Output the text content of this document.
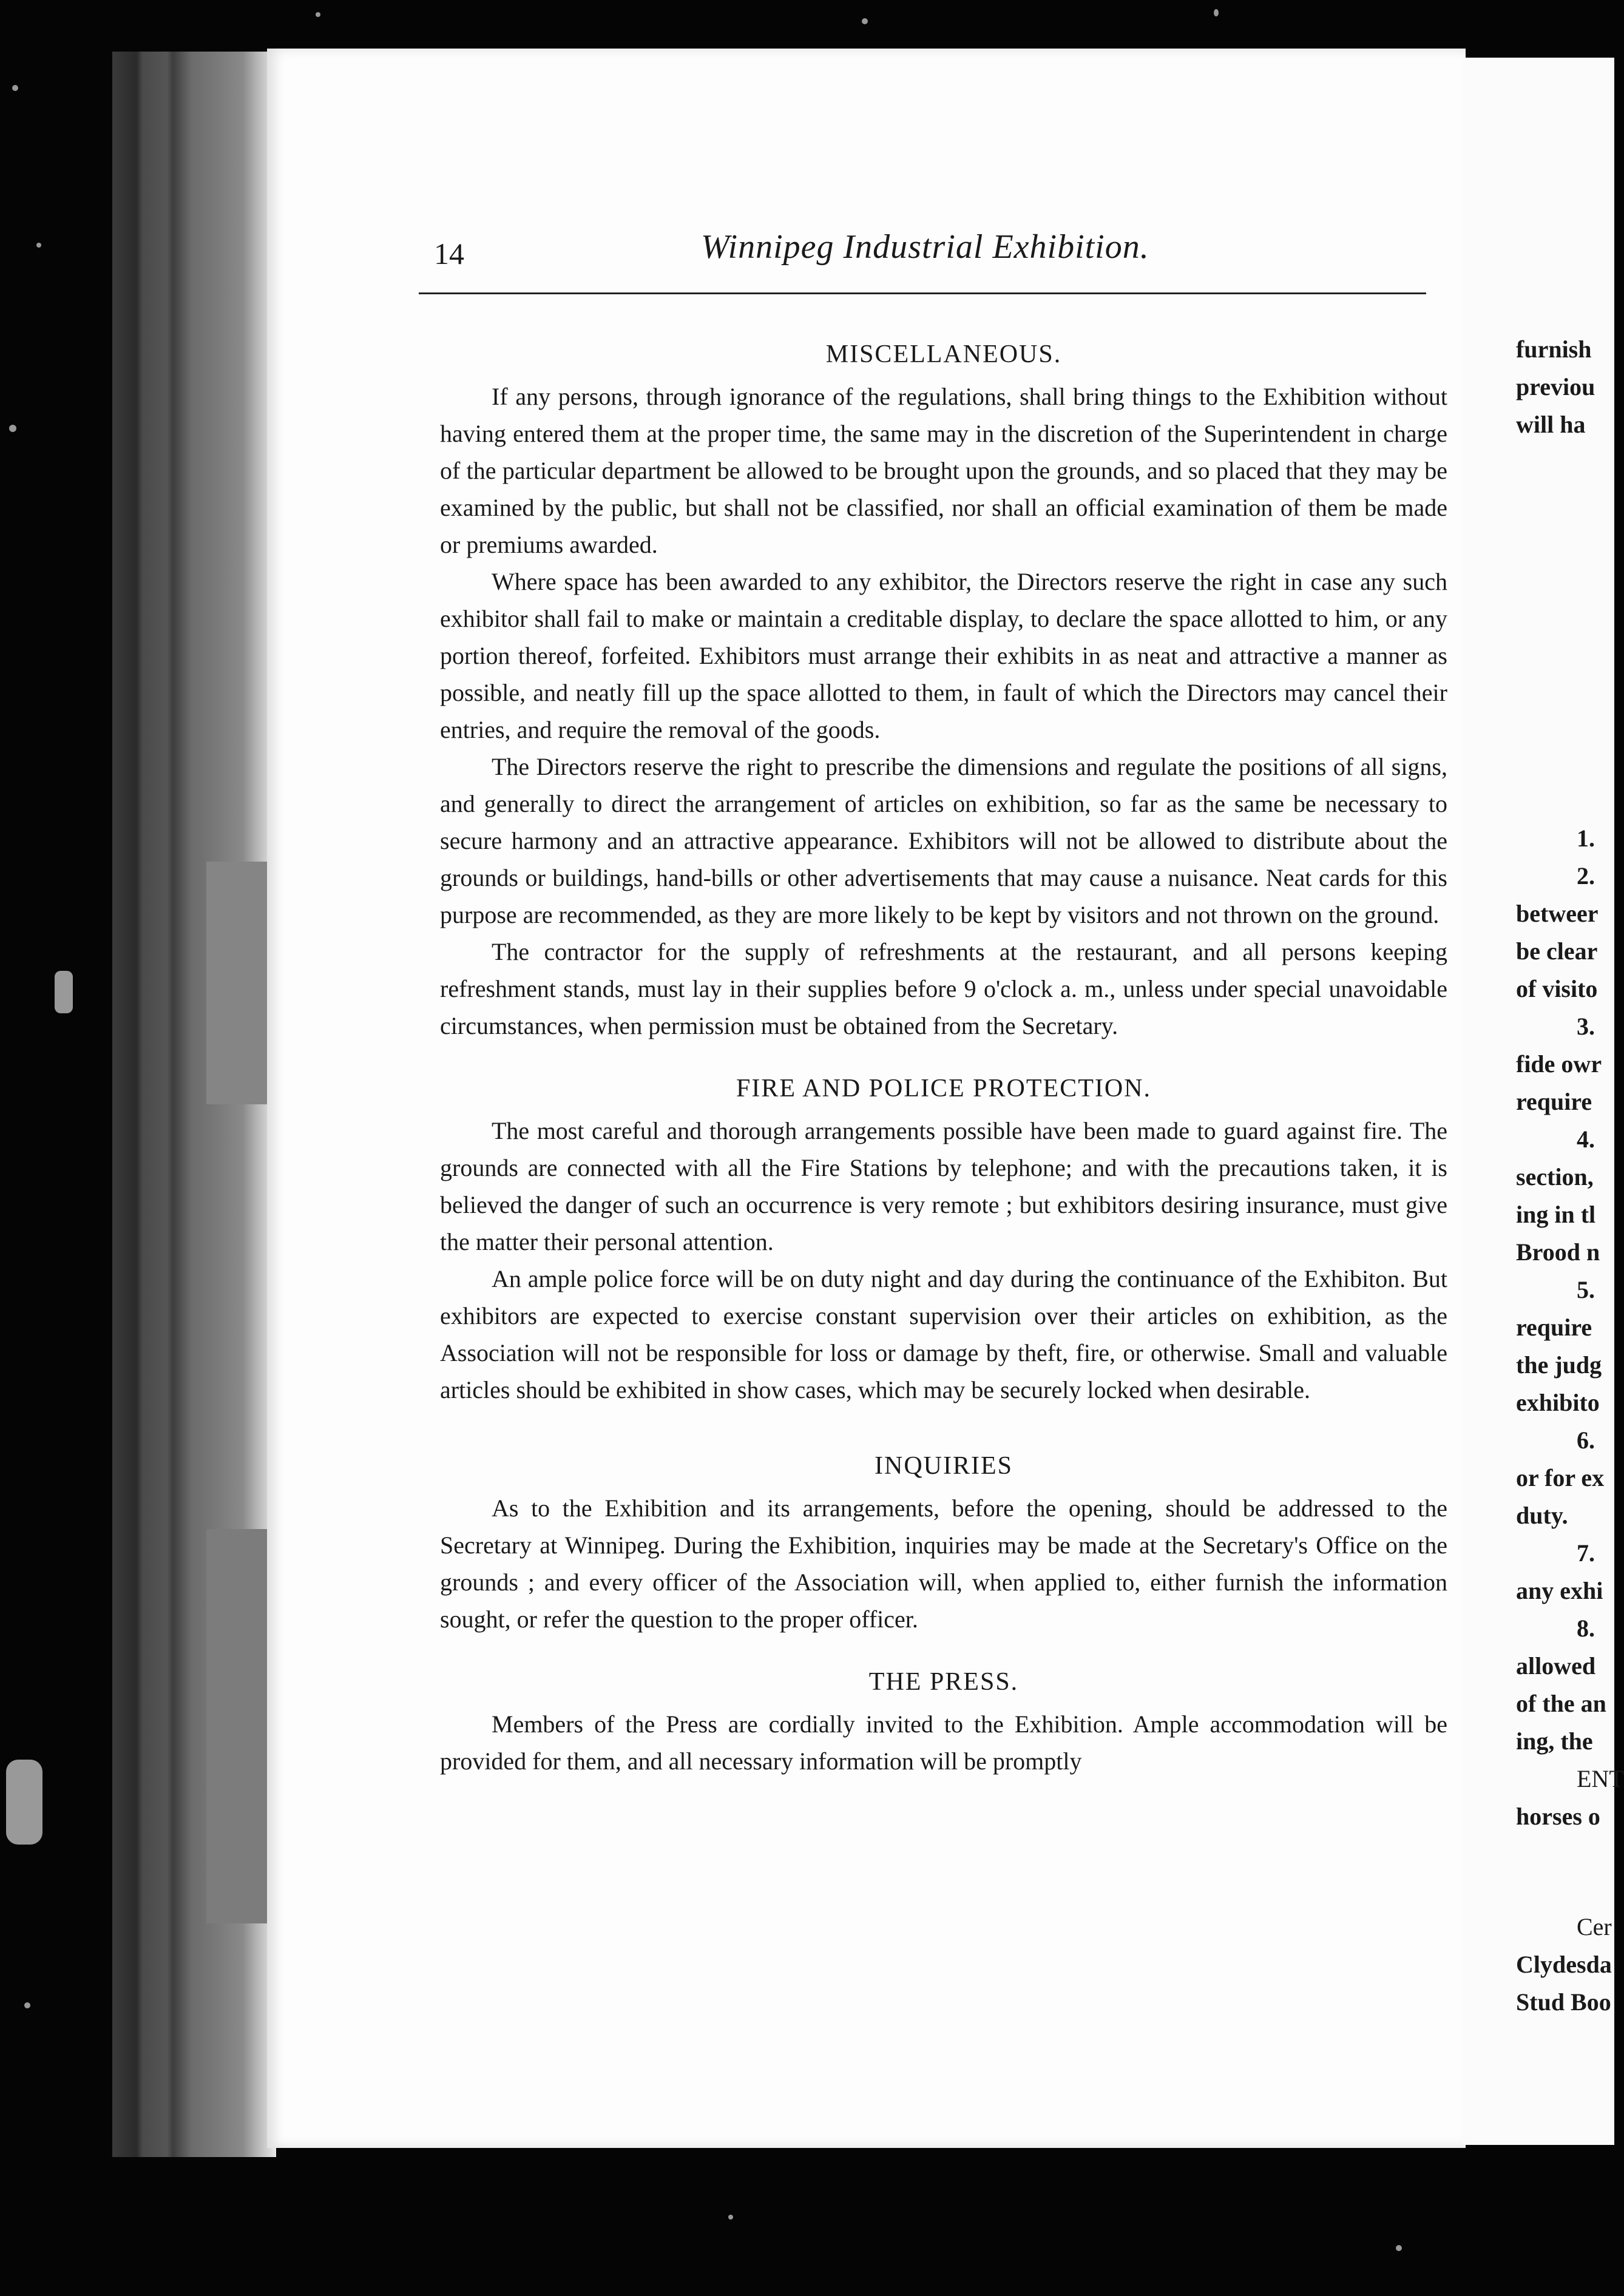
14	Winnipeg Industrial Exhibition.
MISCELLANEOUS.

If any persons, through ignorance of the regulations, shall bring things to the Exhibition without having entered them at the proper time, the same may in the discretion of the Superintendent in charge of the particular department be allowed to be brought upon the grounds, and so placed that they may be examined by the public, but shall not be classified, nor shall an official examination of them be made or premiums awarded.

Where space has been awarded to any exhibitor, the Directors reserve the right in case any such exhibitor shall fail to make or maintain a creditable display, to declare the space allotted to him, or any portion thereof, forfeited. Exhibitors must arrange their exhibits in as neat and attractive a manner as possible, and neatly fill up the space allotted to them, in fault of which the Directors may cancel their entries, and require the removal of the goods.

The Directors reserve the right to prescribe the dimensions and regulate the positions of all signs, and generally to direct the arrangement of articles on exhibition, so far as the same be necessary to secure harmony and an attractive appearance. Exhibitors will not be allowed to distribute about the grounds or buildings, hand-bills or other advertisements that may cause a nuisance. Neat cards for this purpose are recommended, as they are more likely to be kept by visitors and not thrown on the ground.

The contractor for the supply of refreshments at the restaurant, and all persons keeping refreshment stands, must lay in their supplies before 9 o'clock a. m., unless under special unavoidable circumstances, when permission must be obtained from the Secretary.

FIRE AND POLICE PROTECTION.

The most careful and thorough arrangements possible have been made to guard against fire. The grounds are connected with all the Fire Stations by telephone; and with the precautions taken, it is believed the danger of such an occurrence is very remote ; but exhibitors desiring insurance, must give the matter their personal attention.

An ample police force will be on duty night and day during the continuance of the Exhibiton. But exhibitors are expected to exercise constant supervision over their articles on exhibition, as the Association will not be responsible for loss or damage by theft, fire, or otherwise. Small and valuable articles should be exhibited in show cases, which may be securely locked when desirable.

INQUIRIES

As to the Exhibition and its arrangements, before the opening, should be addressed to the Secretary at Winnipeg. During the Exhibition, inquiries may be made at the Secretary's Office on the grounds ; and every officer of the Association will, when applied to, either furnish the information sought, or refer the question to the proper officer.

THE PRESS.

Members of the Press are cordially invited to the Exhibition. Ample accommodation will be provided for them, and all necessary information will be promptly

furnish
previou
will ha
1.
2.
betweer
be clear
of visito
3.
fide owr
require
4.
section,
ing in tl
Brood n
5.
require
the judg
exhibito
6.
or for ex
duty.
7.
any exhi
8.
allowed
of the an
ing, the
ENT
horses o
Cer
Clydesda
Stud Boo
